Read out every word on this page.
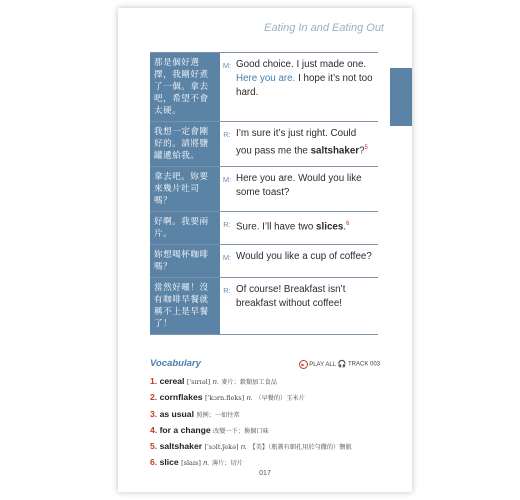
Eating In and Eating Out
那是個好選擇，我剛好煮了一個。拿去吧，希望不會太硬。
M: Good choice. I just made one. Here you are. I hope it’s not too hard.
我想一定會剛好的。請將鹽罐遞給我。
R: I’m sure it’s just right. Could you pass me the saltshaker?$^5$
拿去吧。妳要來幾片吐司嗎？
M: Here you are. Would you like some toast?
好啊。我要兩片。
R: Sure. I’ll have two slices.$^6$
妳想喝杯咖啡嗎？
M: Would you like a cup of coffee?
當然好囉！沒有咖啡早餐就稱不上是早餐了！
R: Of course! Breakfast isn’t breakfast without coffee!
Vocabulary	▶ PLAY ALL 🎧 TRACK 003
1. cereal [ˈsɪrɪəl] n. 麥片；穀類加工食品
2. cornflakes [ˈkɔrn.fleks] n. （早餐的）玉米片
3. as usual 照例；一如往常
4. for a change 改變一下；換個口味
5. saltshaker [ˈsɔlt.ʃekə] n. 【美】（瓶蓋有細孔用於勻撒的）鹽瓶
6. slice [slaɪs] n. 薄片；切片
017
